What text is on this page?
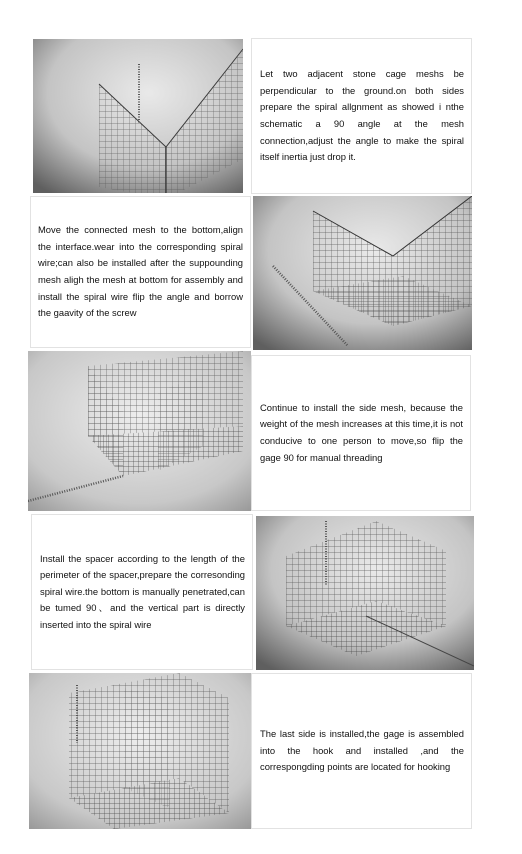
Let two adjacent stone cage meshs be perpendicular to the ground.on both sides prepare the spiral allgnment as showed i nthe schematic a 90 angle at the mesh connection,adjust the angle to make the spiral itself inertia just drop it.

Move the connected mesh to the bottom,align the interface.wear into the corresponding spiral wire;can also be installed after the suppounding mesh aligh the mesh at bottom for assembly and install the spiral wire flip the angle and borrow the gaavity of the screw

Continue to install the side mesh, because the weight of the mesh increases at this time,it is not conducive to one person to move,so flip the gage 90 for manual threading

Install the spacer according to the length of the perimeter of the spacer,prepare the corresonding spiral wire.the bottom is manually penetrated,can be tumed 90、and the vertical part is directly inserted into the spiral wire

The last side is installed,the gage is assembled into the hook and installed ,and the correspongding points are located for hooking
